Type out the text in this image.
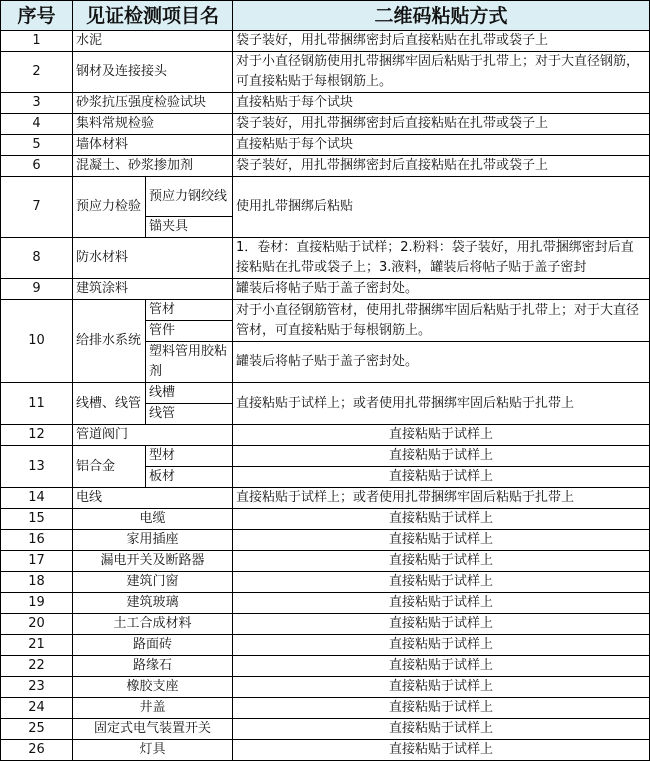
序号	见证检测项目名		二维码粘贴方式
1	水泥		袋子装好，用扎带捆绑密封后直接粘贴在扎带或袋子上
2	钢材及连接接头		对于小直径钢筋使用扎带捆绑牢固后粘贴于扎带上；对于大直径钢筋，可直接粘贴于每根钢筋上。
3	砂浆抗压强度检验试块		直接粘贴于每个试块
4	集料常规检验		袋子装好，用扎带捆绑密封后直接粘贴在扎带或袋子上
5	墙体材料		直接粘贴于每个试块
6	混凝土、砂浆掺加剂		袋子装好，用扎带捆绑密封后直接粘贴在扎带或袋子上
7	预应力检验	预应力钢绞线	使用扎带捆绑后粘贴
		锚夹具	
8	防水材料		1．卷材：直接粘贴于试样；2.粉料：袋子装好，用扎带捆绑密封后直接粘贴在扎带或袋子上；3.液料，罐装后将帖子贴于盖子密封

9	建筑涂料		罐装后将帖子贴于盖子密封处。
10	给排水系统	管材	对于小直径钢筋管材，使用扎带捆绑牢固后粘贴于扎带上；对于大直径管材，可直接粘贴于每根钢筋上。
		管件	
		塑料管用胶粘剂	罐装后将帖子贴于盖子密封处。
11	线槽、线管	线槽	直接粘贴于试样上；或者使用扎带捆绑牢固后粘贴于扎带上
		线管	
12	管道阀门		直接粘贴于试样上
13	铝合金	型材	直接粘贴于试样上
		板材	直接粘贴于试样上
14	电线		直接粘贴于试样上；或者使用扎带捆绑牢固后粘贴于扎带上
15	电缆		直接粘贴于试样上
16	家用插座		直接粘贴于试样上
17	漏电开关及断路器		直接粘贴于试样上
18	建筑门窗		直接粘贴于试样上
19	建筑玻璃		直接粘贴于试样上
20	土工合成材料		直接粘贴于试样上
21	路面砖		直接粘贴于试样上
22	路缘石		直接粘贴于试样上
23	橡胶支座		直接粘贴于试样上
24	井盖		直接粘贴于试样上
25	固定式电气装置开关		直接粘贴于试样上
26	灯具		直接粘贴于试样上
